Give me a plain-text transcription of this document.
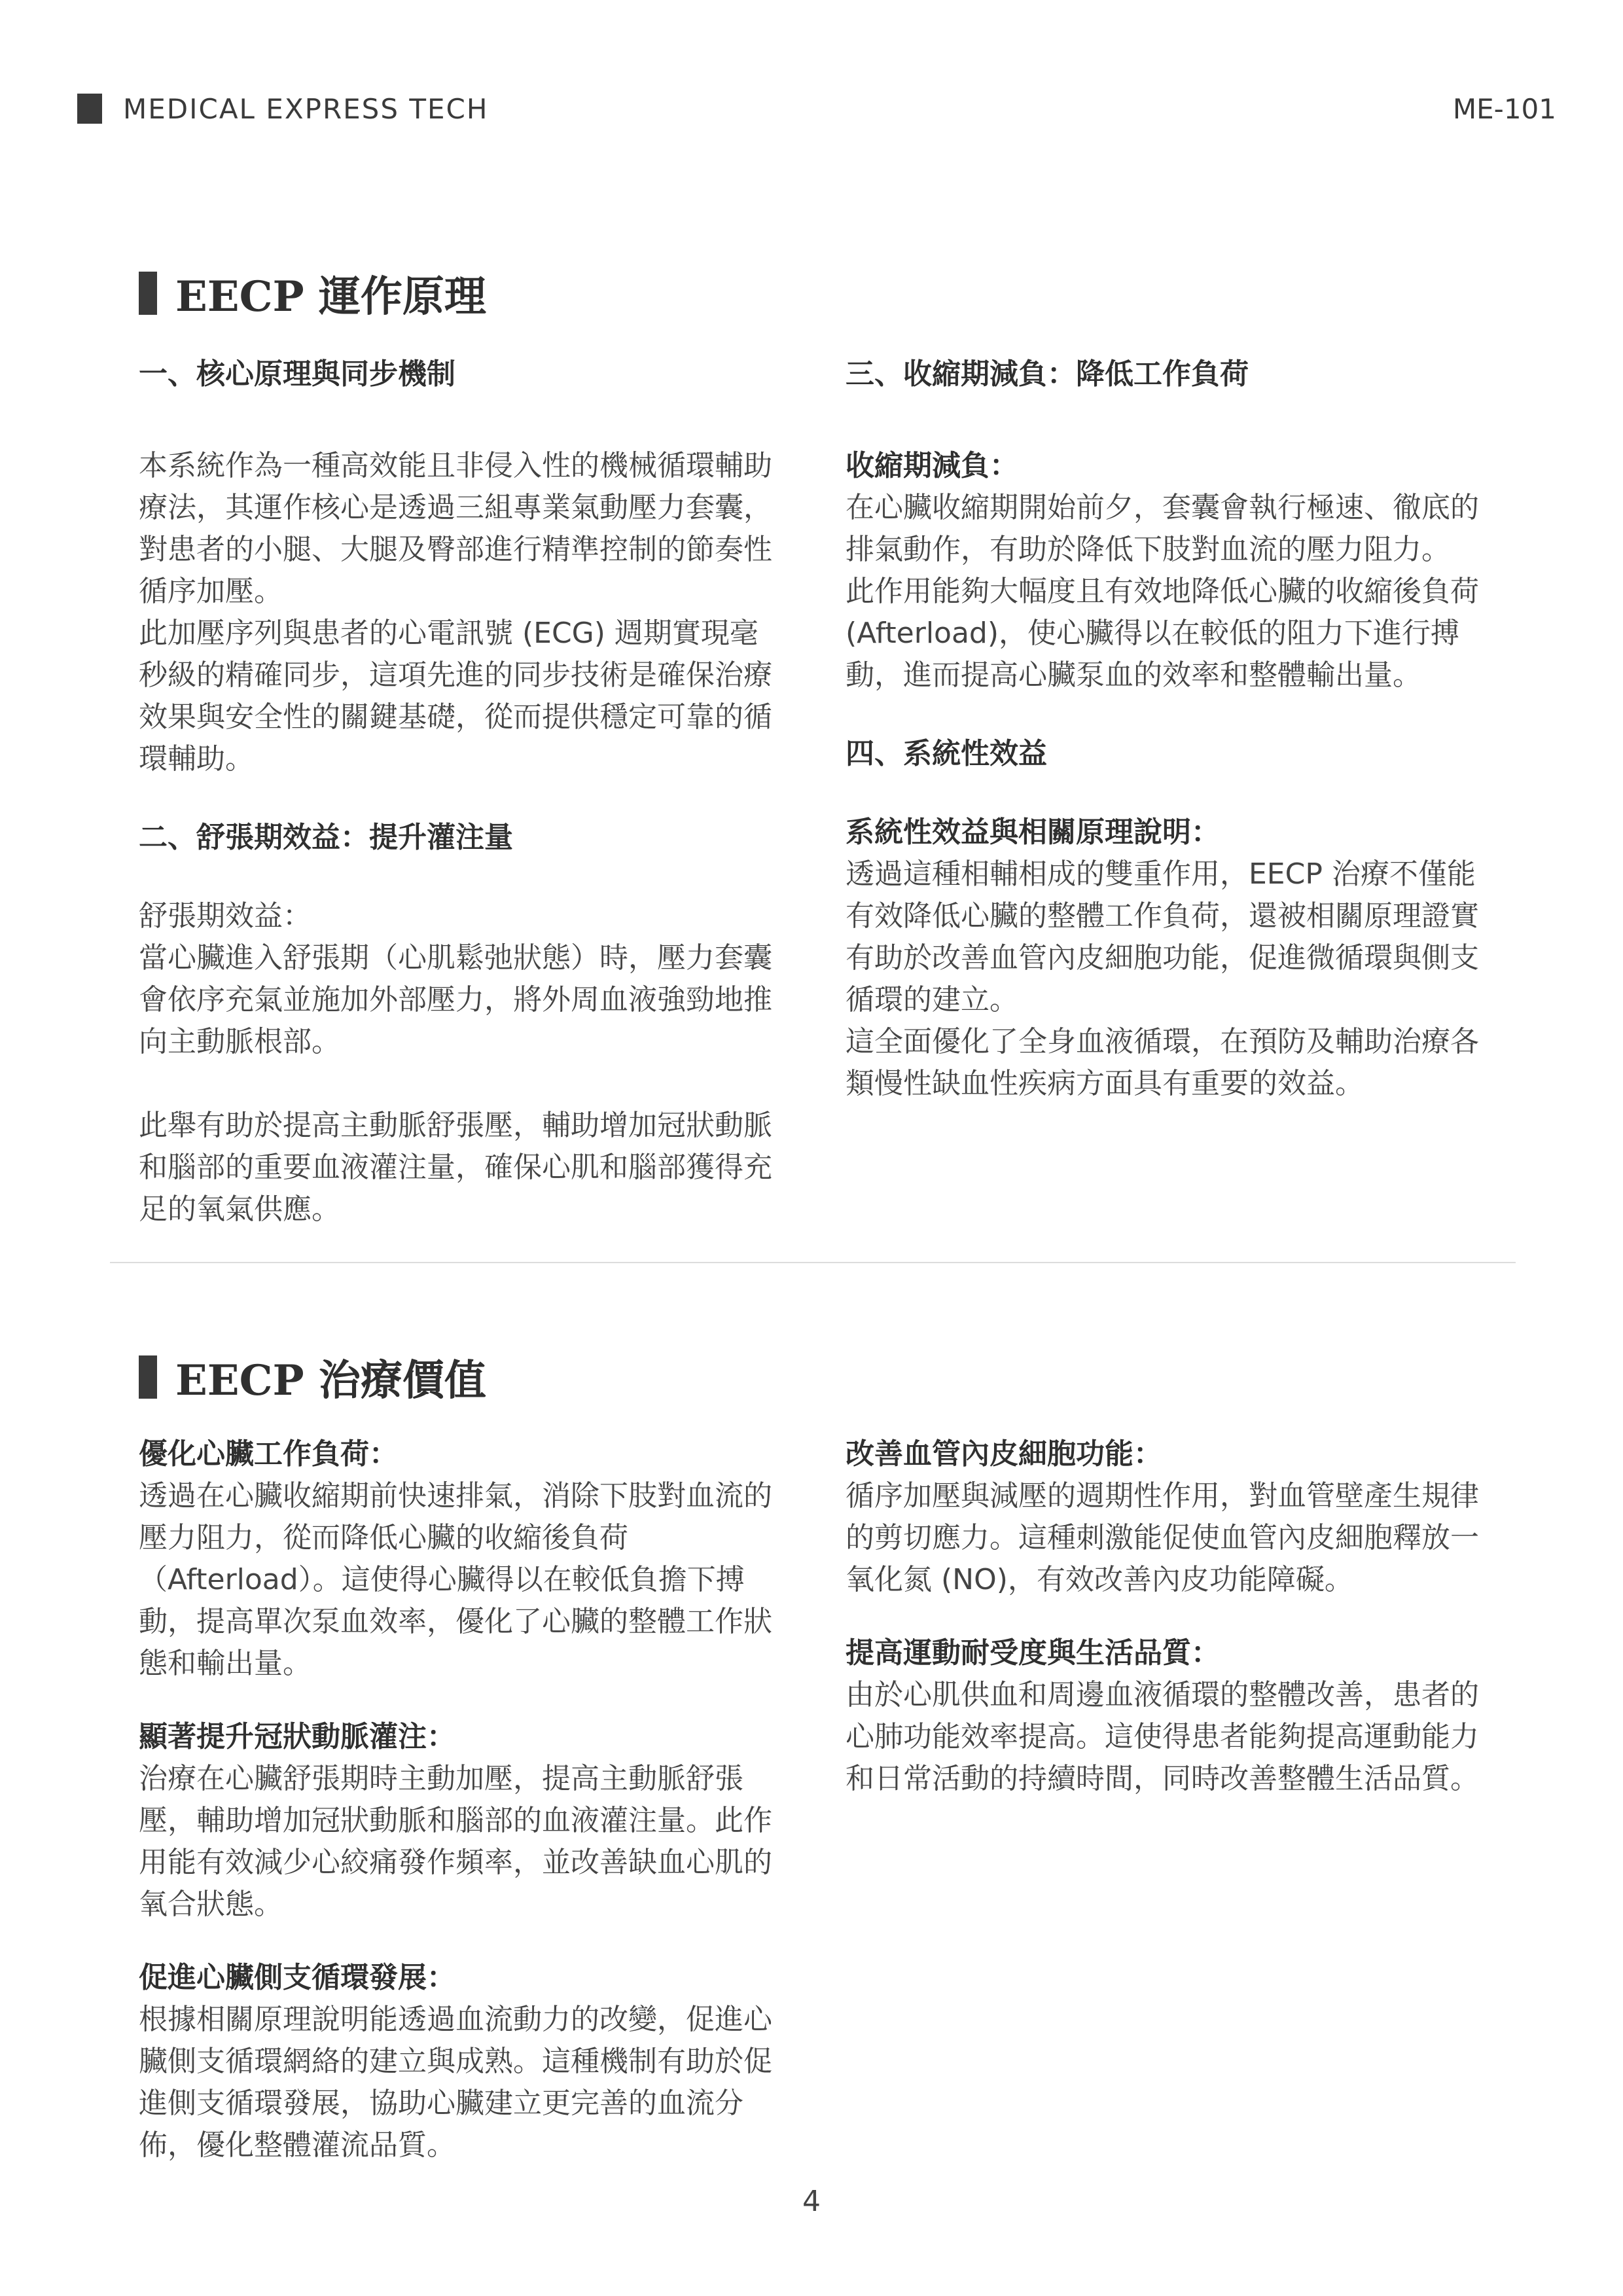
MEDICAL EXPRESS TECH	ME-101
EECP 運作原理
一、核心原理與同步機制
本系統作為一種高效能且非侵入性的機械循環輔助療法，其運作核心是透過三組專業氣動壓力套囊，對患者的小腿、大腿及臀部進行精準控制的節奏性循序加壓。
此加壓序列與患者的心電訊號 (ECG) 週期實現毫秒級的精確同步，這項先進的同步技術是確保治療效果與安全性的關鍵基礎，從而提供穩定可靠的循環輔助。
二、舒張期效益：提升灌注量
舒張期效益：
當心臟進入舒張期（心肌鬆弛狀態）時，壓力套囊會依序充氣並施加外部壓力，將外周血液強勁地推向主動脈根部。
此舉有助於提高主動脈舒張壓，輔助增加冠狀動脈和腦部的重要血液灌注量，確保心肌和腦部獲得充足的氧氣供應。
三、收縮期減負：降低工作負荷
收縮期減負：
在心臟收縮期開始前夕，套囊會執行極速、徹底的排氣動作，有助於降低下肢對血流的壓力阻力。
此作用能夠大幅度且有效地降低心臟的收縮後負荷 (Afterload)，使心臟得以在較低的阻力下進行搏動，進而提高心臟泵血的效率和整體輸出量。
四、系統性效益
系統性效益與相關原理說明：
透過這種相輔相成的雙重作用，EECP 治療不僅能有效降低心臟的整體工作負荷，還被相關原理證實有助於改善血管內皮細胞功能，促進微循環與側支循環的建立。
這全面優化了全身血液循環，在預防及輔助治療各類慢性缺血性疾病方面具有重要的效益。
EECP 治療價值
優化心臟工作負荷：
透過在心臟收縮期前快速排氣，消除下肢對血流的壓力阻力，從而降低心臟的收縮後負荷（Afterload）。這使得心臟得以在較低負擔下搏動，提高單次泵血效率，優化了心臟的整體工作狀態和輸出量。
顯著提升冠狀動脈灌注：
治療在心臟舒張期時主動加壓，提高主動脈舒張壓，輔助增加冠狀動脈和腦部的血液灌注量。此作用能有效減少心絞痛發作頻率，並改善缺血心肌的氧合狀態。
促進心臟側支循環發展：
根據相關原理說明能透過血流動力的改變，促進心臟側支循環網絡的建立與成熟。這種機制有助於促進側支循環發展，協助心臟建立更完善的血流分佈，優化整體灌流品質。
改善血管內皮細胞功能：
循序加壓與減壓的週期性作用，對血管壁產生規律的剪切應力。這種刺激能促使血管內皮細胞釋放一氧化氮 (NO)，有效改善內皮功能障礙。
提高運動耐受度與生活品質：
由於心肌供血和周邊血液循環的整體改善，患者的心肺功能效率提高。這使得患者能夠提高運動能力和日常活動的持續時間，同時改善整體生活品質。
4
